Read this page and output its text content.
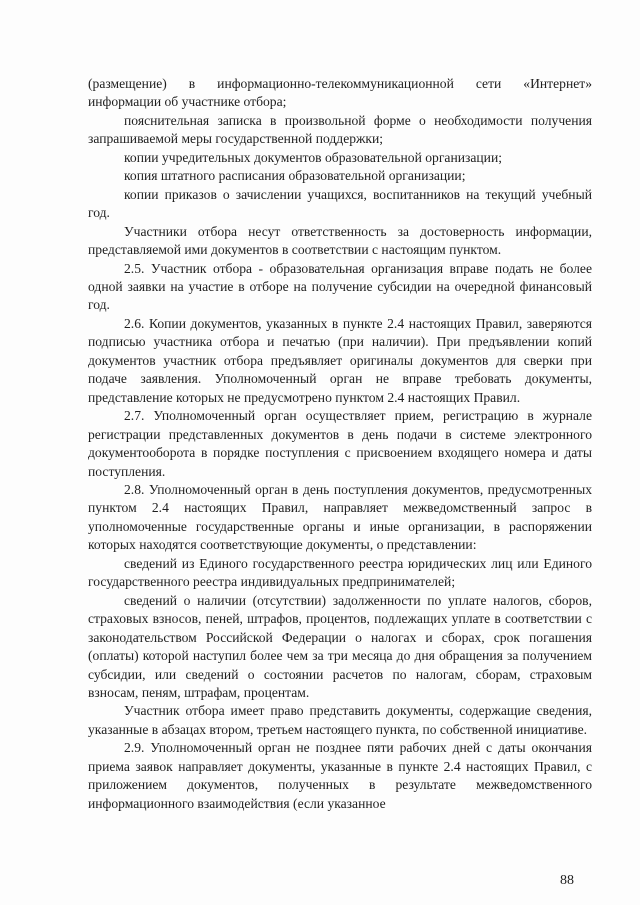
(размещение) в информационно-телекоммуникационной сети «Интернет» информации об участнике отбора;

пояснительная записка в произвольной форме о необходимости получения запрашиваемой меры государственной поддержки;

копии учредительных документов образовательной организации;

копия штатного расписания образовательной организации;

копии приказов о зачислении учащихся, воспитанников на текущий учебный год.

Участники отбора несут ответственность за достоверность информации, представляемой ими документов в соответствии с настоящим пунктом.

2.5. Участник отбора - образовательная организация вправе подать не более одной заявки на участие в отборе на получение субсидии на очередной финансовый год.

2.6. Копии документов, указанных в пункте 2.4 настоящих Правил, заверяются подписью участника отбора и печатью (при наличии). При предъявлении копий документов участник отбора предъявляет оригиналы документов для сверки при подаче заявления. Уполномоченный орган не вправе требовать документы, представление которых не предусмотрено пунктом 2.4 настоящих Правил.

2.7. Уполномоченный орган осуществляет прием, регистрацию в журнале регистрации представленных документов в день подачи в системе электронного документооборота в порядке поступления с присвоением входящего номера и даты поступления.

2.8. Уполномоченный орган в день поступления документов, предусмотренных пунктом 2.4 настоящих Правил, направляет межведомственный запрос в уполномоченные государственные органы и иные организации, в распоряжении которых находятся соответствующие документы, о представлении:

сведений из Единого государственного реестра юридических лиц или Единого государственного реестра индивидуальных предпринимателей;

сведений о наличии (отсутствии) задолженности по уплате налогов, сборов, страховых взносов, пеней, штрафов, процентов, подлежащих уплате в соответствии с законодательством Российской Федерации о налогах и сборах, срок погашения (оплаты) которой наступил более чем за три месяца до дня обращения за получением субсидии, или сведений о состоянии расчетов по налогам, сборам, страховым взносам, пеням, штрафам, процентам.

Участник отбора имеет право представить документы, содержащие сведения, указанные в абзацах втором, третьем настоящего пункта, по собственной инициативе.

2.9. Уполномоченный орган не позднее пяти рабочих дней с даты окончания приема заявок направляет документы, указанные в пункте 2.4 настоящих Правил, с приложением документов, полученных в результате межведомственного информационного взаимодействия (если указанное

88
